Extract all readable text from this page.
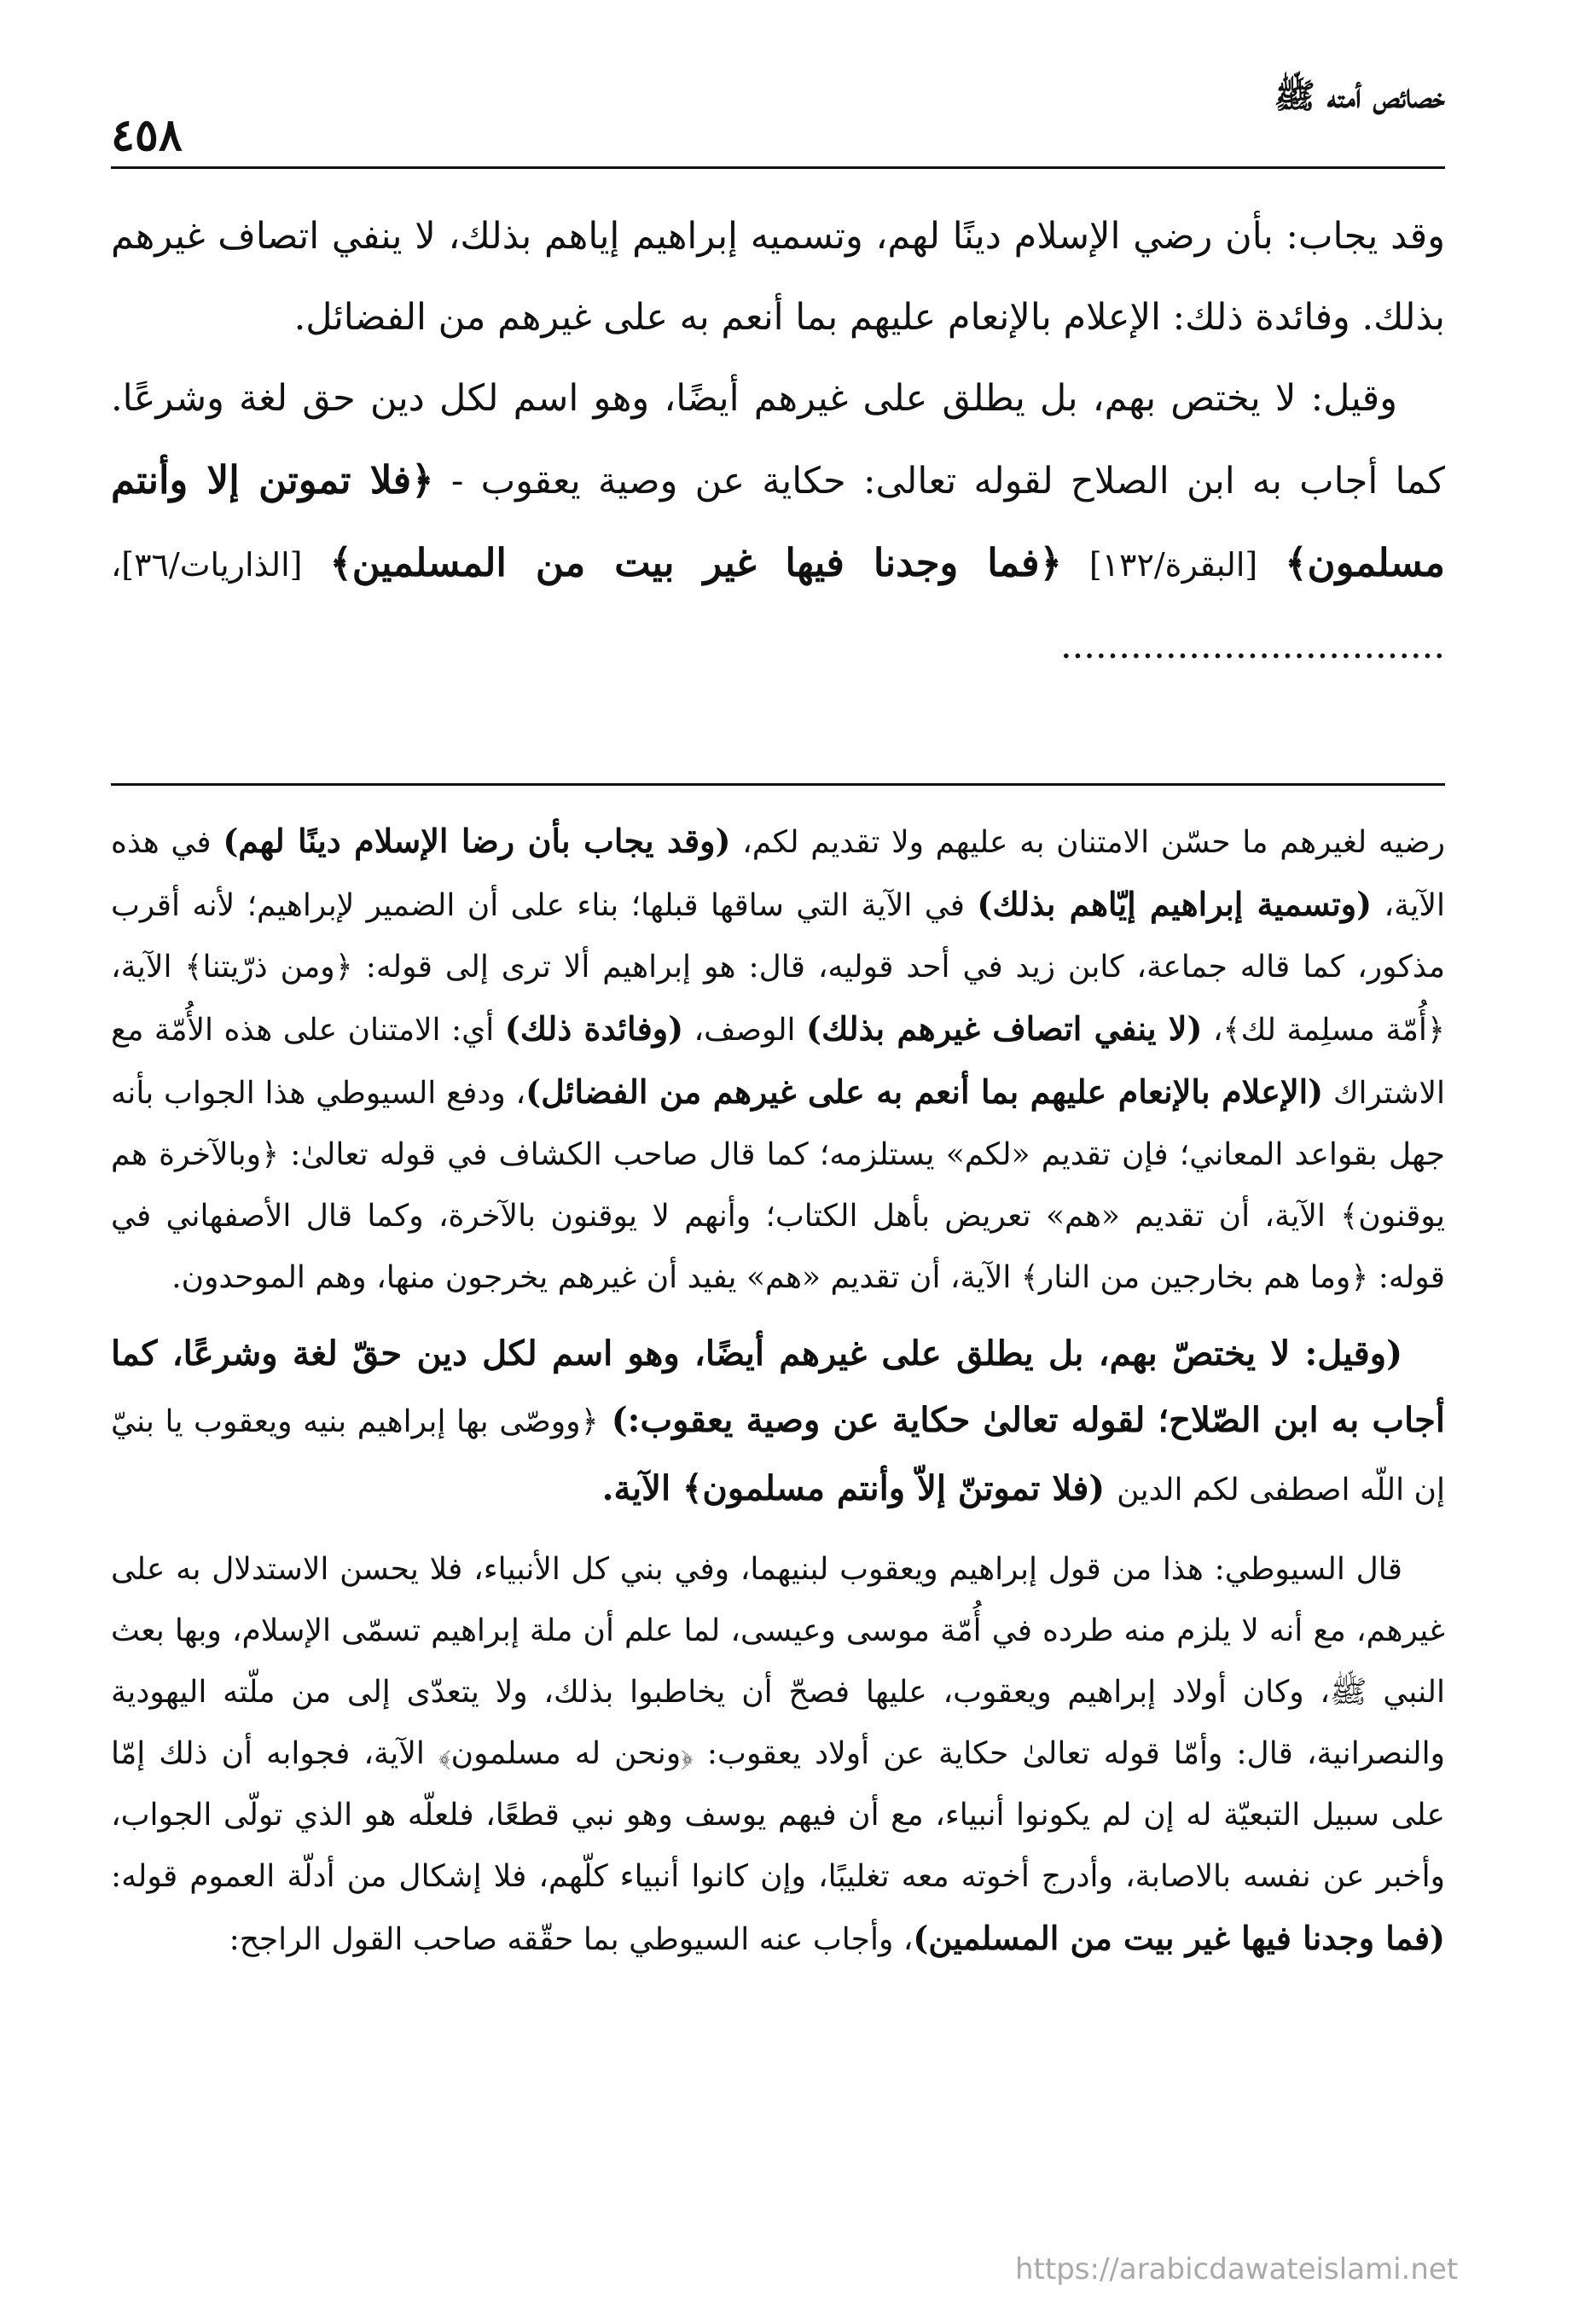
خصائص أمته ﷺ
٤٥٨

وقد يجاب: بأن رضي الإسلام دينًا لهم، وتسميه إبراهيم إياهم بذلك، لا ينفي اتصاف غيرهم بذلك. وفائدة ذلك: الإعلام بالإنعام عليهم بما أنعم به على غيرهم من الفضائل.

وقيل: لا يختص بهم، بل يطلق على غيرهم أيضًا، وهو اسم لكل دين حق لغة وشرعًا. كما أجاب به ابن الصلاح لقوله تعالى: حكاية عن وصية يعقوب - ﴿فلا تموتن إلا وأنتم مسلمون﴾ [البقرة/١٣٢] ﴿فما وجدنا فيها غير بيت من المسلمين﴾ [الذاريات/٣٦]، .................................

رضيه لغيرهم ما حسّن الامتنان به عليهم ولا تقديم لكم، (وقد يجاب بأن رضا الإسلام دينًا لهم) في هذه الآية، (وتسمية إبراهيم إيّاهم بذلك) في الآية التي ساقها قبلها؛ بناء على أن الضمير لإبراهيم؛ لأنه أقرب مذكور، كما قاله جماعة، كابن زيد في أحد قوليه، قال: هو إبراهيم ألا ترى إلى قوله: ﴿ومن ذرّيتنا﴾ الآية، ﴿أُمّة مسلِمة لك﴾، (لا ينفي اتصاف غيرهم بذلك) الوصف، (وفائدة ذلك) أي: الامتنان على هذه الأُمّة مع الاشتراك (الإعلام بالإنعام عليهم بما أنعم به على غيرهم من الفضائل)، ودفع السيوطي هذا الجواب بأنه جهل بقواعد المعاني؛ فإن تقديم «لكم» يستلزمه؛ كما قال صاحب الكشاف في قوله تعالىٰ: ﴿وبالآخرة هم يوقنون﴾ الآية، أن تقديم «هم» تعريض بأهل الكتاب؛ وأنهم لا يوقنون بالآخرة، وكما قال الأصفهاني في قوله: ﴿وما هم بخارجين من النار﴾ الآية، أن تقديم «هم» يفيد أن غيرهم يخرجون منها، وهم الموحدون.

(وقيل: لا يختصّ بهم، بل يطلق على غيرهم أيضًا، وهو اسم لكل دين حقّ لغة وشرعًا، كما أجاب به ابن الصّلاح؛ لقوله تعالىٰ حكاية عن وصية يعقوب:) ﴿ووصّى بها إبراهيم بنيه ويعقوب يا بنيّ إن اللّه اصطفى لكم الدين (فلا تموتنّ إلاّ وأنتم مسلمون﴾ الآية.

قال السيوطي: هذا من قول إبراهيم ويعقوب لبنيهما، وفي بني كل الأنبياء، فلا يحسن الاستدلال به على غيرهم، مع أنه لا يلزم منه طرده في أُمّة موسى وعيسى، لما علم أن ملة إبراهيم تسمّى الإسلام، وبها بعث النبي ﷺ، وكان أولاد إبراهيم ويعقوب، عليها فصحّ أن يخاطبوا بذلك، ولا يتعدّى إلى من ملّته اليهودية والنصرانية، قال: وأمّا قوله تعالىٰ حكاية عن أولاد يعقوب: ﴿ونحن له مسلمون﴾ الآية، فجوابه أن ذلك إمّا على سبيل التبعيّة له إن لم يكونوا أنبياء، مع أن فيهم يوسف وهو نبي قطعًا، فلعلّه هو الذي تولّى الجواب، وأخبر عن نفسه بالاصابة، وأدرج أخوته معه تغليبًا، وإن كانوا أنبياء كلّهم، فلا إشكال من أدلّة العموم قوله: (فما وجدنا فيها غير بيت من المسلمين)، وأجاب عنه السيوطي بما حقّقه صاحب القول الراجح:

https://arabicdawateislami.net
